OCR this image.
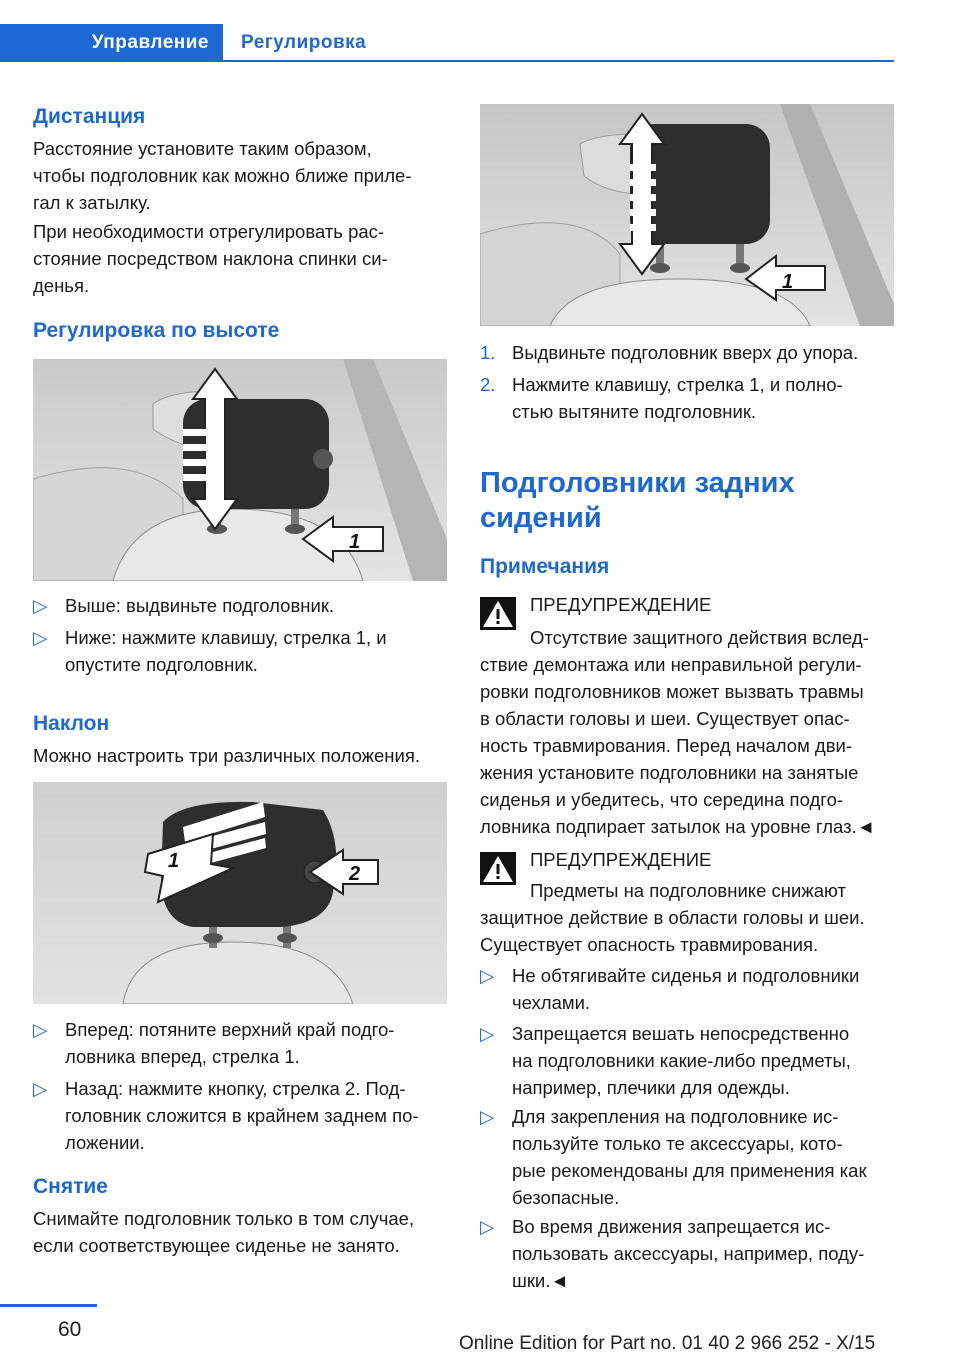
Управление	Регулировка
Дистанция
Расстояние установите таким образом,
чтобы подголовник как можно ближе приле-
гал к затылку.
При необходимости отрегулировать рас-
стояние посредством наклона спинки си-
денья.
Регулировка по высоте
1
▷ Выше: выдвиньте подголовник.
▷ Ниже: нажмите клавишу, стрелка 1, и
опустите подголовник.
Наклон
Можно настроить три различных положения.
1
2
▷ Вперед: потяните верхний край подго-
ловника вперед, стрелка 1.
▷ Назад: нажмите кнопку, стрелка 2. Под-
головник сложится в крайнем заднем по-
ложении.
Снятие
Снимайте подголовник только в том случае,
если соответствующее сиденье не занято.
1
1. Выдвиньте подголовник вверх до упора.
2. Нажмите клавишу, стрелка 1, и полно-
стью вытяните подголовник.
Подголовники задних
сидений
Примечания
ПРЕДУПРЕЖДЕНИЕ
Отсутствие защитного действия вслед-
ствие демонтажа или неправильной регули-
ровки подголовников может вызвать травмы
в области головы и шеи. Существует опас-
ность травмирования. Перед началом дви-
жения установите подголовники на занятые
сиденья и убедитесь, что середина подго-
ловника подпирает затылок на уровне глаз.◄
ПРЕДУПРЕЖДЕНИЕ
Предметы на подголовнике снижают
защитное действие в области головы и шеи.
Существует опасность травмирования.
▷ Не обтягивайте сиденья и подголовники
чехлами.
▷ Запрещается вешать непосредственно
на подголовники какие-либо предметы,
например, плечики для одежды.
▷ Для закрепления на подголовнике ис-
пользуйте только те аксессуары, кото-
рые рекомендованы для применения как
безопасные.
▷ Во время движения запрещается ис-
пользовать аксессуары, например, поду-
шки.◄
60
Online Edition for Part no. 01 40 2 966 252 - X/15
